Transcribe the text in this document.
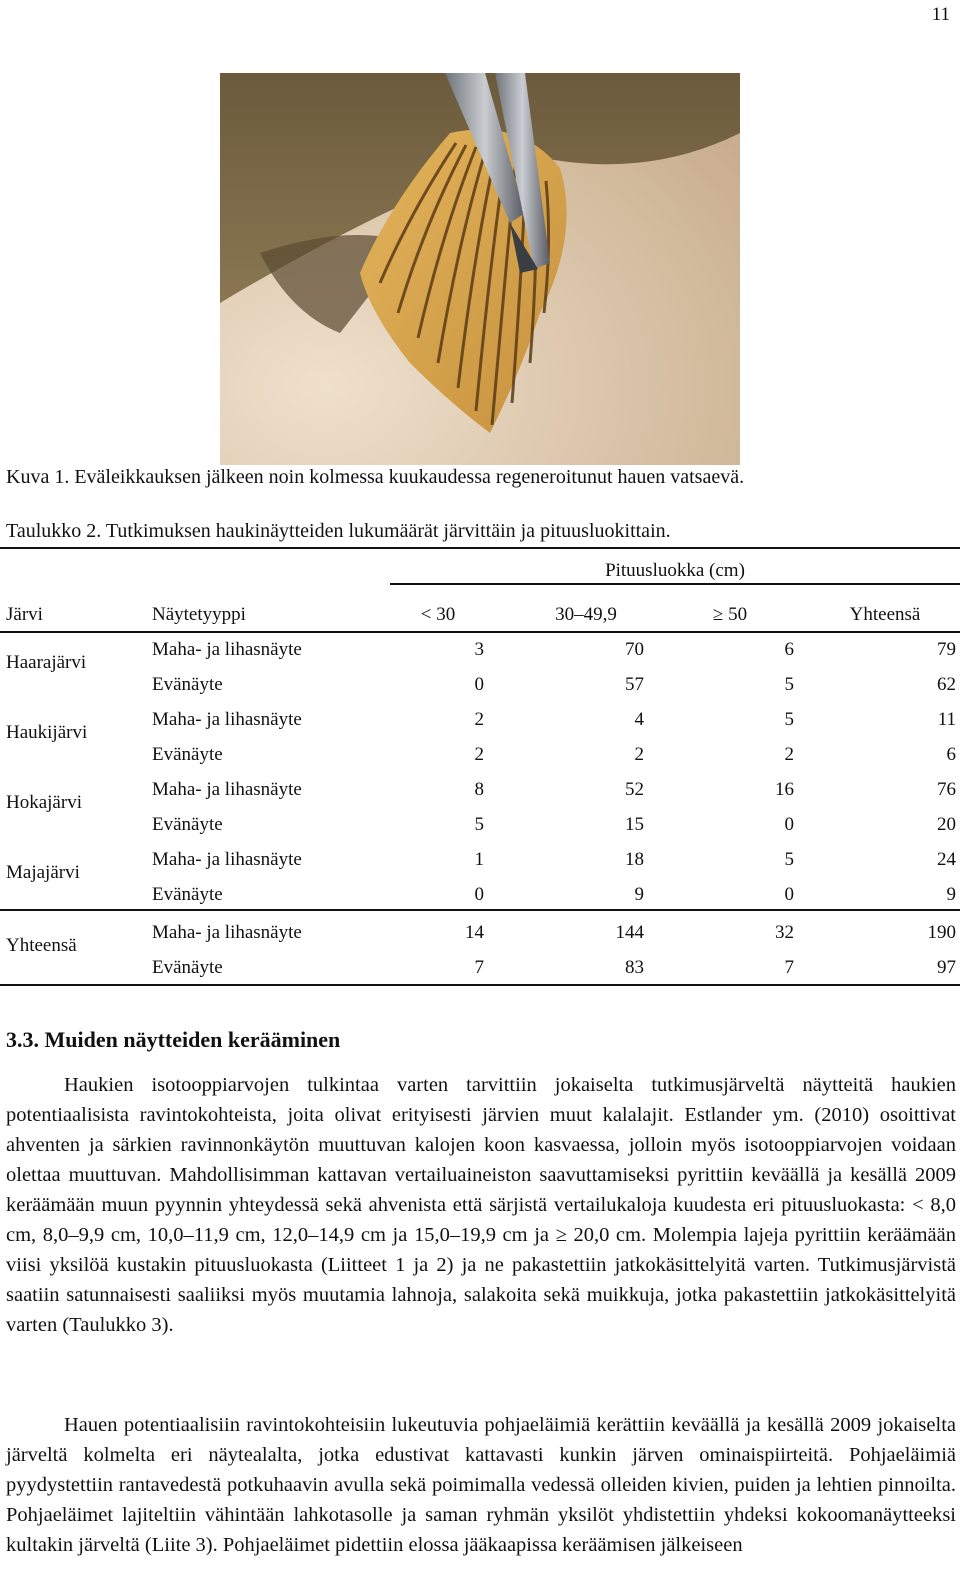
11
Kuva 1. Eväleikkauksen jälkeen noin kolmessa kuukaudessa regeneroitunut hauen vatsaevä.
Taulukko 2. Tutkimuksen haukinäytteiden lukumäärät järvittäin ja pituusluokittain.
Pituusluokka (cm)
Järvi	Näytetyyppi	< 30	30–49,9	≥ 50	Yhteensä
Haarajärvi
Maha- ja lihasnäyte	3	70	6	79
Evänäyte	0	57	5	62
Haukijärvi
Maha- ja lihasnäyte	2	4	5	11
Evänäyte	2	2	2	6
Hokajärvi
Maha- ja lihasnäyte	8	52	16	76
Evänäyte	5	15	0	20
Majajärvi
Maha- ja lihasnäyte	1	18	5	24
Evänäyte	0	9	0	9
Yhteensä
Maha- ja lihasnäyte	14	144	32	190
Evänäyte	7	83	7	97
3.3. Muiden näytteiden kerääminen

Haukien isotooppiarvojen tulkintaa varten tarvittiin jokaiselta tutkimusjärveltä näytteitä haukien potentiaalisista ravintokohteista, joita olivat erityisesti järvien muut kalalajit. Estlander ym. (2010) osoittivat ahventen ja särkien ravinnonkäytön muuttuvan kalojen koon kasvaessa, jolloin myös isotooppiarvojen voidaan olettaa muuttuvan. Mahdollisimman kattavan vertailuaineiston saavuttamiseksi pyrittiin keväällä ja kesällä 2009 keräämään muun pyynnin yhteydessä sekä ahvenista että särjistä vertailukaloja kuudesta eri pituusluokasta: < 8,0 cm, 8,0–9,9 cm, 10,0–11,9 cm, 12,0–14,9 cm ja 15,0–19,9 cm ja ≥ 20,0 cm. Molempia lajeja pyrittiin keräämään viisi yksilöä kustakin pituusluokasta (Liitteet 1 ja 2) ja ne pakastettiin jatkokäsittelyitä varten. Tutkimusjärvistä saatiin satunnaisesti saaliiksi myös muutamia lahnoja, salakoita sekä muikkuja, jotka pakastettiin jatkokäsittelyitä varten (Taulukko 3).

Hauen potentiaalisiin ravintokohteisiin lukeutuvia pohjaeläimiä kerättiin keväällä ja kesällä 2009 jokaiselta järveltä kolmelta eri näytealalta, jotka edustivat kattavasti kunkin järven ominaispiirteitä. Pohjaeläimiä pyydystettiin rantavedestä potkuhaavin avulla sekä poimimalla vedessä olleiden kivien, puiden ja lehtien pinnoilta. Pohjaeläimet lajiteltiin vähintään lahkotasolle ja saman ryhmän yksilöt yhdistettiin yhdeksi kokoomanäytteeksi kultakin järveltä (Liite 3). Pohjaeläimet pidettiin elossa jääkaapissa keräämisen jälkeiseen
